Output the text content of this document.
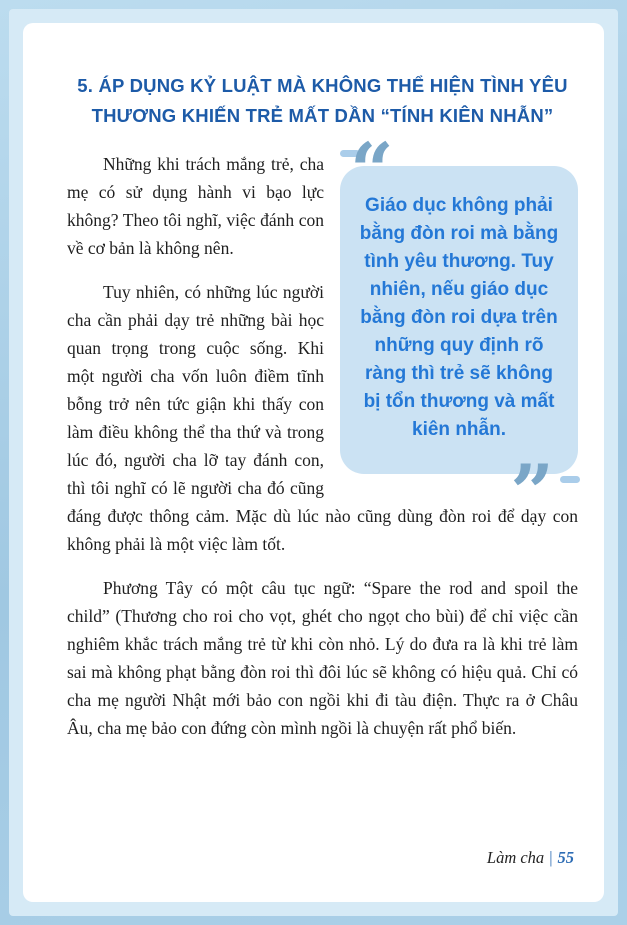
5. ÁP DỤNG KỶ LUẬT MÀ KHÔNG THỂ HIỆN TÌNH YÊU
THƯƠNG KHIẾN TRẺ MẤT DẦN “TÍNH KIÊN NHẪN”
“

Giáo dục không phải bằng đòn roi mà bằng tình yêu thương. Tuy nhiên, nếu giáo dục bằng đòn roi dựa trên những quy định rõ ràng thì trẻ sẽ không bị tổn thương và mất kiên nhẫn.

”

Những khi trách mắng trẻ, cha mẹ có sử dụng hành vi bạo lực không? Theo tôi nghĩ, việc đánh con về cơ bản là không nên.

Tuy nhiên, có những lúc người cha cần phải dạy trẻ những bài học quan trọng trong cuộc sống. Khi một người cha vốn luôn điềm tĩnh bỗng trở nên tức giận khi thấy con làm điều không thể tha thứ và trong lúc đó, người cha lỡ tay đánh con, thì tôi nghĩ có lẽ người cha đó cũng đáng được thông cảm. Mặc dù lúc nào cũng dùng đòn roi để dạy con không phải là một việc làm tốt.

Phương Tây có một câu tục ngữ: “Spare the rod and spoil the child” (Thương cho roi cho vọt, ghét cho ngọt cho bùi) để chỉ việc cần nghiêm khắc trách mắng trẻ từ khi còn nhỏ. Lý do đưa ra là khi trẻ làm sai mà không phạt bằng đòn roi thì đôi lúc sẽ không có hiệu quả. Chỉ có cha mẹ người Nhật mới bảo con ngồi khi đi tàu điện. Thực ra ở Châu Âu, cha mẹ bảo con đứng còn mình ngồi là chuyện rất phổ biến.

Làm cha | 55
